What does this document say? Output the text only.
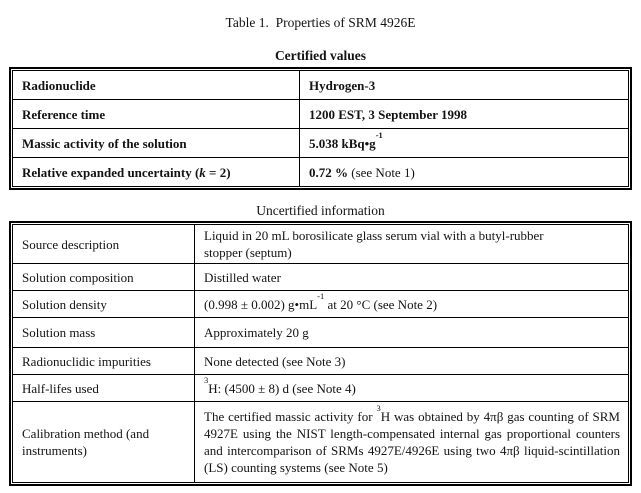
Table 1.  Properties of SRM 4926E
Certified values
Radionuclide	Hydrogen-3
Reference time	1200 EST, 3 September 1998
Massic activity of the solution	5.038 $kBq•g^{-1}$
Relative expanded uncertainty (k = 2)	0.72 % (see Note 1)
Uncertified information
Source description	Liquid in 20 mL borosilicate glass serum vial with a butyl-rubber
stopper (septum)

Solution composition	Distilled water
Solution density	(0.998 ± 0.002) $g•mL^{-1}$ at 20 °C (see Note 2)
Solution mass	Approximately 20 g
Radionuclidic impurities	None detected (see Note 3)
Half-lifes used	$^3$H: (4500 ± 8) d (see Note 4)

Calibration method (and
instruments)	The certified massic activity for $^3$H was obtained by 4πβ gas counting of SRM 4927E using the NIST length-compensated internal gas proportional counters and intercomparison of SRMs 4927E/4926E using two 4πβ liquid-scintillation (LS) counting systems (see Note 5)
